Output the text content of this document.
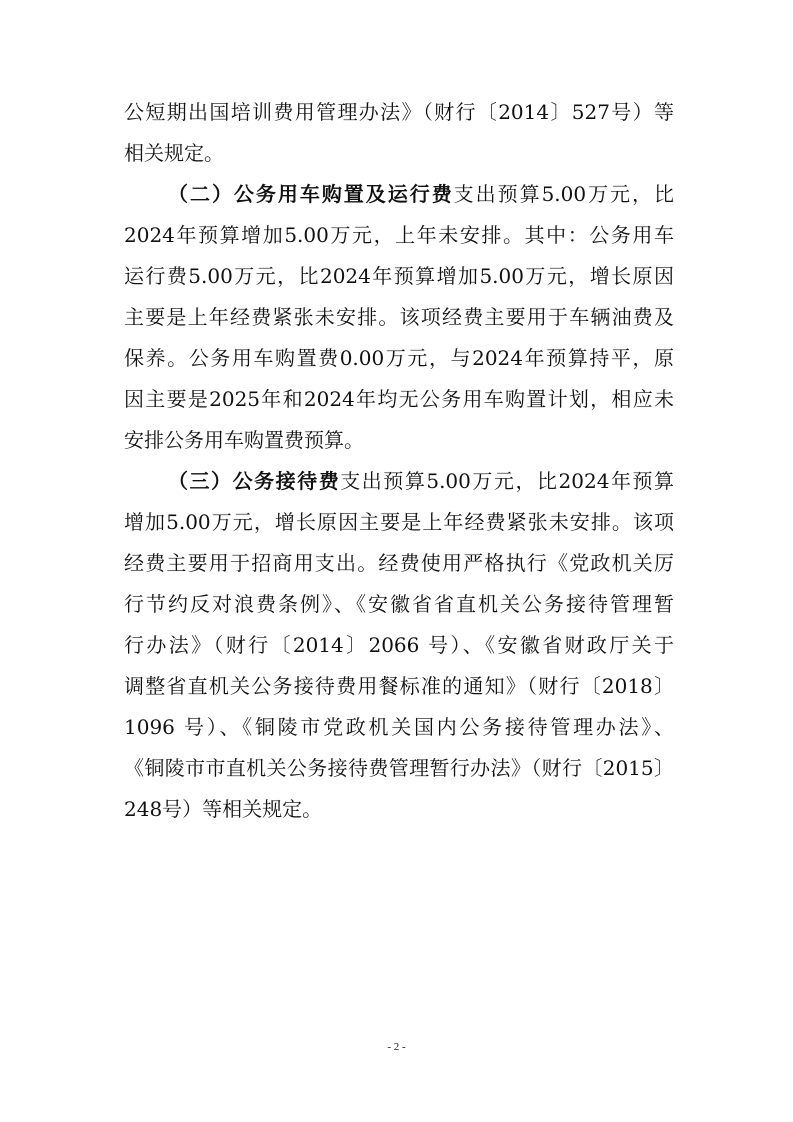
公短期出国培训费用管理办法》（财行〔2014〕527号）等
相关规定。
（二）公务用车购置及运行费支出预算5.00万元，比
2024年预算增加5.00万元，上年未安排。其中：公务用车
运行费5.00万元，比2024年预算增加5.00万元，增长原因
主要是上年经费紧张未安排。该项经费主要用于车辆油费及
保养。公务用车购置费0.00万元，与2024年预算持平，原
因主要是2025年和2024年均无公务用车购置计划，相应未
安排公务用车购置费预算。
（三）公务接待费支出预算5.00万元，比2024年预算
增加5.00万元，增长原因主要是上年经费紧张未安排。该项
经费主要用于招商用支出。经费使用严格执行《党政机关厉
行节约反对浪费条例》、《安徽省省直机关公务接待管理暂
行办法》（财行〔2014〕2066 号）、《安徽省财政厅关于
调整省直机关公务接待费用餐标准的通知》（财行〔2018〕
1096 号）、《铜陵市党政机关国内公务接待管理办法》、
《铜陵市市直机关公务接待费管理暂行办法》（财行〔2015〕
248号）等相关规定。
- 2 -
